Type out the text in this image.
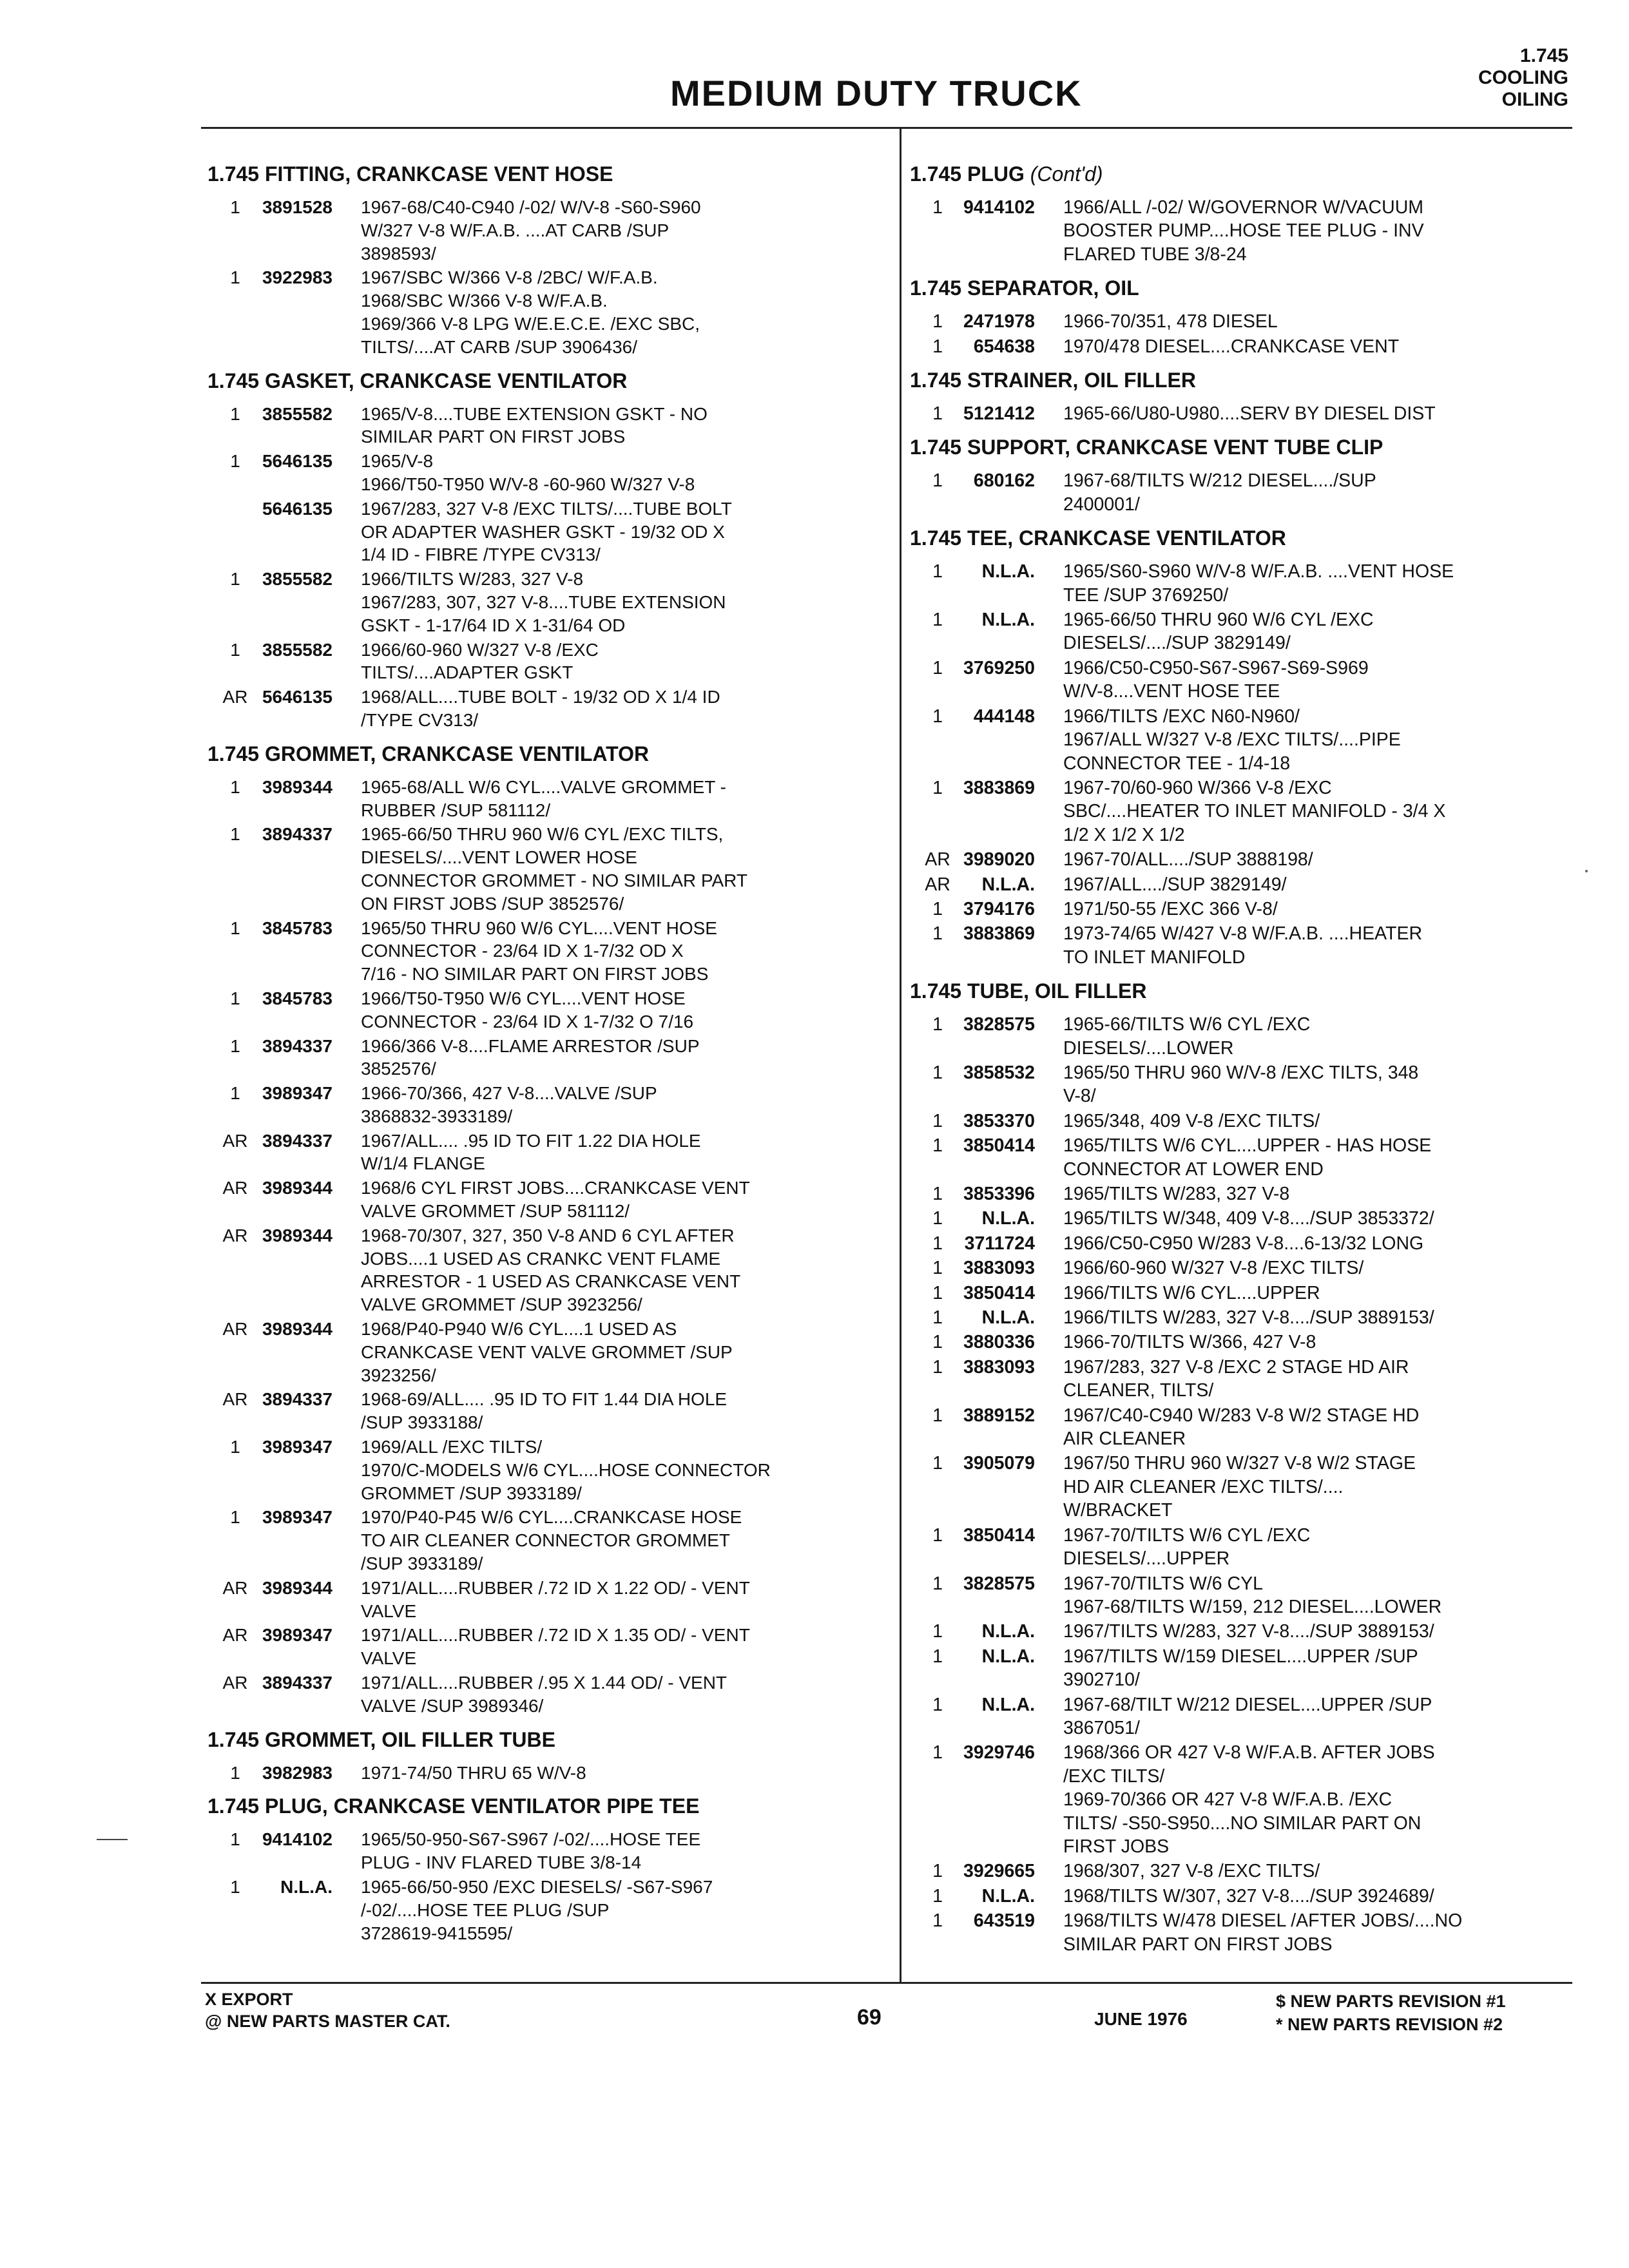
MEDIUM DUTY TRUCK
1.745
COOLING
OILING
1.745 FITTING, CRANKCASE VENT HOSE
1	3891528	1967-68/C40-C940 /-02/ W/V-8 -S60-S960
W/327 V-8 W/F.A.B. ....AT CARB /SUP
3898593/
1	3922983	1967/SBC W/366 V-8 /2BC/ W/F.A.B.
1968/SBC W/366 V-8 W/F.A.B.
1969/366 V-8 LPG W/E.E.C.E. /EXC SBC,
TILTS/....AT CARB /SUP 3906436/
1.745 GASKET, CRANKCASE VENTILATOR
1	3855582	1965/V-8....TUBE EXTENSION GSKT - NO
SIMILAR PART ON FIRST JOBS
1	5646135	1965/V-8
1966/T50-T950 W/V-8 -60-960 W/327 V-8
5646135	1967/283, 327 V-8 /EXC TILTS/....TUBE BOLT
OR ADAPTER WASHER GSKT - 19/32 OD X
1/4 ID - FIBRE /TYPE CV313/
1	3855582	1966/TILTS W/283, 327 V-8
1967/283, 307, 327 V-8....TUBE EXTENSION
GSKT - 1-17/64 ID X 1-31/64 OD
1	3855582	1966/60-960 W/327 V-8 /EXC
TILTS/....ADAPTER GSKT
AR 5646135	1968/ALL....TUBE BOLT - 19/32 OD X 1/4 ID
/TYPE CV313/
1.745 GROMMET, CRANKCASE VENTILATOR
1	3989344	1965-68/ALL W/6 CYL....VALVE GROMMET -
RUBBER /SUP 581112/
1	3894337	1965-66/50 THRU 960 W/6 CYL /EXC TILTS,
DIESELS/....VENT LOWER HOSE
CONNECTOR GROMMET - NO SIMILAR PART
ON FIRST JOBS /SUP 3852576/
1	3845783	1965/50 THRU 960 W/6 CYL....VENT HOSE
CONNECTOR - 23/64 ID X 1-7/32 OD X
7/16 - NO SIMILAR PART ON FIRST JOBS
1	3845783	1966/T50-T950 W/6 CYL....VENT HOSE
CONNECTOR - 23/64 ID X 1-7/32 O 7/16
1	3894337	1966/366 V-8....FLAME ARRESTOR /SUP
3852576/
1	3989347	1966-70/366, 427 V-8....VALVE /SUP
3868832-3933189/
AR 3894337	1967/ALL.... .95 ID TO FIT 1.22 DIA HOLE
W/1/4 FLANGE
AR 3989344	1968/6 CYL FIRST JOBS....CRANKCASE VENT
VALVE GROMMET /SUP 581112/
AR 3989344	1968-70/307, 327, 350 V-8 AND 6 CYL AFTER
JOBS....1 USED AS CRANKC VENT FLAME
ARRESTOR - 1 USED AS CRANKCASE VENT
VALVE GROMMET /SUP 3923256/
AR 3989344	1968/P40-P940 W/6 CYL....1 USED AS
CRANKCASE VENT VALVE GROMMET /SUP
3923256/
AR 3894337	1968-69/ALL.... .95 ID TO FIT 1.44 DIA HOLE
/SUP 3933188/
1	3989347	1969/ALL /EXC TILTS/
1970/C-MODELS W/6 CYL....HOSE CONNECTOR
GROMMET /SUP 3933189/
1	3989347	1970/P40-P45 W/6 CYL....CRANKCASE HOSE
TO AIR CLEANER CONNECTOR GROMMET
/SUP 3933189/
AR 3989344	1971/ALL....RUBBER /.72 ID X 1.22 OD/ - VENT
VALVE
AR 3989347	1971/ALL....RUBBER /.72 ID X 1.35 OD/ - VENT
VALVE
AR 3894337	1971/ALL....RUBBER /.95 X 1.44 OD/ - VENT
VALVE /SUP 3989346/
1.745 GROMMET, OIL FILLER TUBE
1	3982983	1971-74/50 THRU 65 W/V-8
1.745 PLUG, CRANKCASE VENTILATOR PIPE TEE
1	9414102	1965/50-950-S67-S967 /-02/....HOSE TEE
PLUG - INV FLARED TUBE 3/8-14
1	N.L.A.	1965-66/50-950 /EXC DIESELS/ -S67-S967
/-02/....HOSE TEE PLUG /SUP
3728619-9415595/
1.745 PLUG (Cont'd)
1	9414102	1966/ALL /-02/ W/GOVERNOR W/VACUUM
BOOSTER PUMP....HOSE TEE PLUG - INV
FLARED TUBE 3/8-24
1.745 SEPARATOR, OIL
1	2471978	1966-70/351, 478 DIESEL
1	654638	1970/478 DIESEL....CRANKCASE VENT
1.745 STRAINER, OIL FILLER
1	5121412	1965-66/U80-U980....SERV BY DIESEL DIST
1.745 SUPPORT, CRANKCASE VENT TUBE CLIP
1	680162	1967-68/TILTS W/212 DIESEL..../SUP
2400001/
1.745 TEE, CRANKCASE VENTILATOR
1	N.L.A.	1965/S60-S960 W/V-8 W/F.A.B. ....VENT HOSE
TEE /SUP 3769250/
1	N.L.A.	1965-66/50 THRU 960 W/6 CYL /EXC
DIESELS/..../SUP 3829149/
1	3769250	1966/C50-C950-S67-S967-S69-S969
W/V-8....VENT HOSE TEE
1	444148	1966/TILTS /EXC N60-N960/
1967/ALL W/327 V-8 /EXC TILTS/....PIPE
CONNECTOR TEE - 1/4-18
1	3883869	1967-70/60-960 W/366 V-8 /EXC
SBC/....HEATER TO INLET MANIFOLD - 3/4 X
1/2 X 1/2 X 1/2
AR 3989020	1967-70/ALL..../SUP 3888198/
AR	N.L.A.	1967/ALL..../SUP 3829149/
1	3794176	1971/50-55 /EXC 366 V-8/
1	3883869	1973-74/65 W/427 V-8 W/F.A.B. ....HEATER
TO INLET MANIFOLD
1.745 TUBE, OIL FILLER
1	3828575	1965-66/TILTS W/6 CYL /EXC
DIESELS/....LOWER
1	3858532	1965/50 THRU 960 W/V-8 /EXC TILTS, 348
V-8/
1	3853370	1965/348, 409 V-8 /EXC TILTS/
1	3850414	1965/TILTS W/6 CYL....UPPER - HAS HOSE
CONNECTOR AT LOWER END
1	3853396	1965/TILTS W/283, 327 V-8
1	N.L.A.	1965/TILTS W/348, 409 V-8..../SUP 3853372/
1	3711724	1966/C50-C950 W/283 V-8....6-13/32 LONG
1	3883093	1966/60-960 W/327 V-8 /EXC TILTS/
1	3850414	1966/TILTS W/6 CYL....UPPER
1	N.L.A.	1966/TILTS W/283, 327 V-8..../SUP 3889153/
1	3880336	1966-70/TILTS W/366, 427 V-8
1	3883093	1967/283, 327 V-8 /EXC 2 STAGE HD AIR
CLEANER, TILTS/
1	3889152	1967/C40-C940 W/283 V-8 W/2 STAGE HD
AIR CLEANER
1	3905079	1967/50 THRU 960 W/327 V-8 W/2 STAGE
HD AIR CLEANER /EXC TILTS/....
W/BRACKET
1	3850414	1967-70/TILTS W/6 CYL /EXC
DIESELS/....UPPER
1	3828575	1967-70/TILTS W/6 CYL
1967-68/TILTS W/159, 212 DIESEL....LOWER
1	N.L.A.	1967/TILTS W/283, 327 V-8..../SUP 3889153/
1	N.L.A.	1967/TILTS W/159 DIESEL....UPPER /SUP
3902710/
1	N.L.A.	1967-68/TILT W/212 DIESEL....UPPER /SUP
3867051/
1	3929746	1968/366 OR 427 V-8 W/F.A.B. AFTER JOBS
/EXC TILTS/
1969-70/366 OR 427 V-8 W/F.A.B. /EXC
TILTS/ -S50-S950....NO SIMILAR PART ON
FIRST JOBS
1	3929665	1968/307, 327 V-8 /EXC TILTS/
1	N.L.A.	1968/TILTS W/307, 327 V-8..../SUP 3924689/
1	643519	1968/TILTS W/478 DIESEL /AFTER JOBS/....NO
SIMILAR PART ON FIRST JOBS
X EXPORT
@ NEW PARTS MASTER CAT.	69	JUNE 1976
$ NEW PARTS REVISION #1
* NEW PARTS REVISION #2
